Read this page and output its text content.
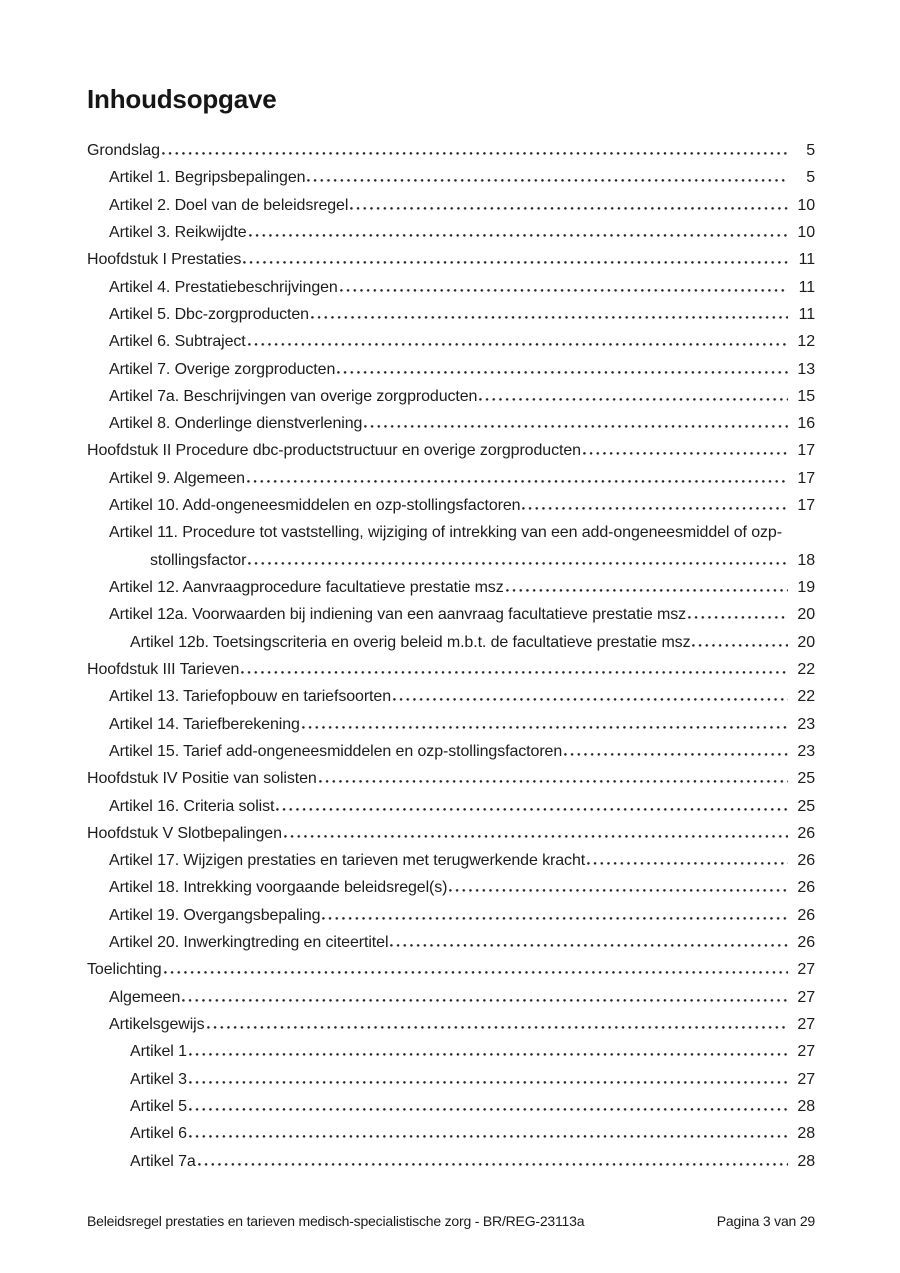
Inhoudsopgave
Grondslag	5
Artikel 1. Begripsbepalingen	5
Artikel 2. Doel van de beleidsregel	10
Artikel 3. Reikwijdte	10
Hoofdstuk I Prestaties	11
Artikel 4. Prestatiebeschrijvingen	11
Artikel 5. Dbc-zorgproducten	11
Artikel 6. Subtraject	12
Artikel 7. Overige zorgproducten	13
Artikel 7a. Beschrijvingen van overige zorgproducten	15
Artikel 8. Onderlinge dienstverlening	16
Hoofdstuk II Procedure dbc-productstructuur en overige zorgproducten	17
Artikel 9. Algemeen	17
Artikel 10. Add-ongeneesmiddelen en ozp-stollingsfactoren	17
Artikel 11. Procedure tot vaststelling, wijziging of intrekking van een add-ongeneesmiddel of ozp-
stollingsfactor	18
Artikel 12. Aanvraagprocedure facultatieve prestatie msz	19
Artikel 12a. Voorwaarden bij indiening van een aanvraag facultatieve prestatie msz	20
Artikel 12b. Toetsingscriteria en overig beleid m.b.t. de facultatieve prestatie msz	20
Hoofdstuk III Tarieven	22
Artikel 13. Tariefopbouw en tariefsoorten	22
Artikel 14. Tariefberekening	23
Artikel 15. Tarief add-ongeneesmiddelen en ozp-stollingsfactoren	23
Hoofdstuk IV Positie van solisten	25
Artikel 16. Criteria solist	25
Hoofdstuk V Slotbepalingen	26
Artikel 17. Wijzigen prestaties en tarieven met terugwerkende kracht	26
Artikel 18. Intrekking voorgaande beleidsregel(s)	26
Artikel 19. Overgangsbepaling	26
Artikel 20. Inwerkingtreding en citeertitel	26
Toelichting	27
Algemeen	27
Artikelsgewijs	27
Artikel 1	27
Artikel 3	27
Artikel 5	28
Artikel 6	28
Artikel 7a	28
Beleidsregel prestaties en tarieven medisch-specialistische zorg - BR/REG-23113a	Pagina 3 van 29
